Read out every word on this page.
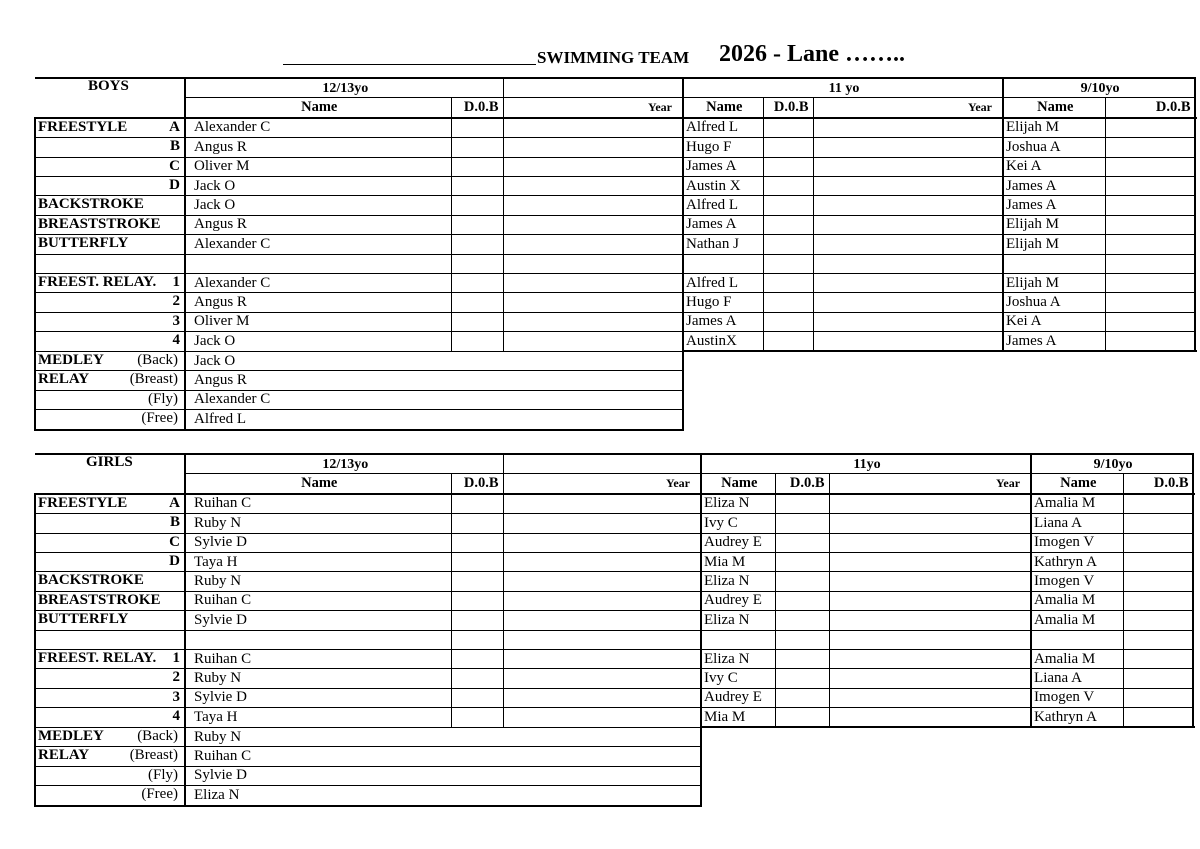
SWIMMING TEAM 2026 - Lane ……..
BOYS
		12/13yo			11 yo			9/10yo		
	Name	D.0.B	Year	Name	D.0.B	Year	Name	D.0.B	

FREESTYLE A	Alexander C			Alfred L			Elijah M		

B	Angus R			Hugo F			Joshua A		

C	Oliver M			James A			Kei A		

D	Jack O			Austin X			James A		

BACKSTROKE	Jack O			Alfred L			James A		

BREASTSTROKE	Angus R			James A			Elijah M		

BUTTERFLY	Alexander C			Nathan J			Elijah M		

FREEST. RELAY. 1	Alexander C			Alfred L			Elijah M		

2	Angus R			Hugo F			Joshua A		

3	Oliver M			James A			Kei A		

4	Jack O			AustinX			James A		

MEDLEY (Back)	Jack O								

RELAY (Breast)	Angus R								

(Fly)	Alexander C								

(Free)	Alfred L								
GIRLS
		12/13yo			11yo			9/10yo		
	Name	D.0.B	Year	Name	D.0.B	Year	Name	D.0.B	

FREESTYLE A	Ruihan C			Eliza N			Amalia M		

B	Ruby N			Ivy C			Liana A		

C	Sylvie D			Audrey E			Imogen V		

D	Taya H			Mia M			Kathryn A		

BACKSTROKE	Ruby N			Eliza N			Imogen V		

BREASTSTROKE	Ruihan C			Audrey E			Amalia M		

BUTTERFLY	Sylvie D			Eliza N			Amalia M		

FREEST. RELAY. 1	Ruihan C			Eliza N			Amalia M		

2	Ruby N			Ivy C			Liana A		

3	Sylvie D			Audrey E			Imogen V		

4	Taya H			Mia M			Kathryn A		

MEDLEY (Back)	Ruby N								

RELAY (Breast)	Ruihan C								

(Fly)	Sylvie D								

(Free)	Eliza N								
